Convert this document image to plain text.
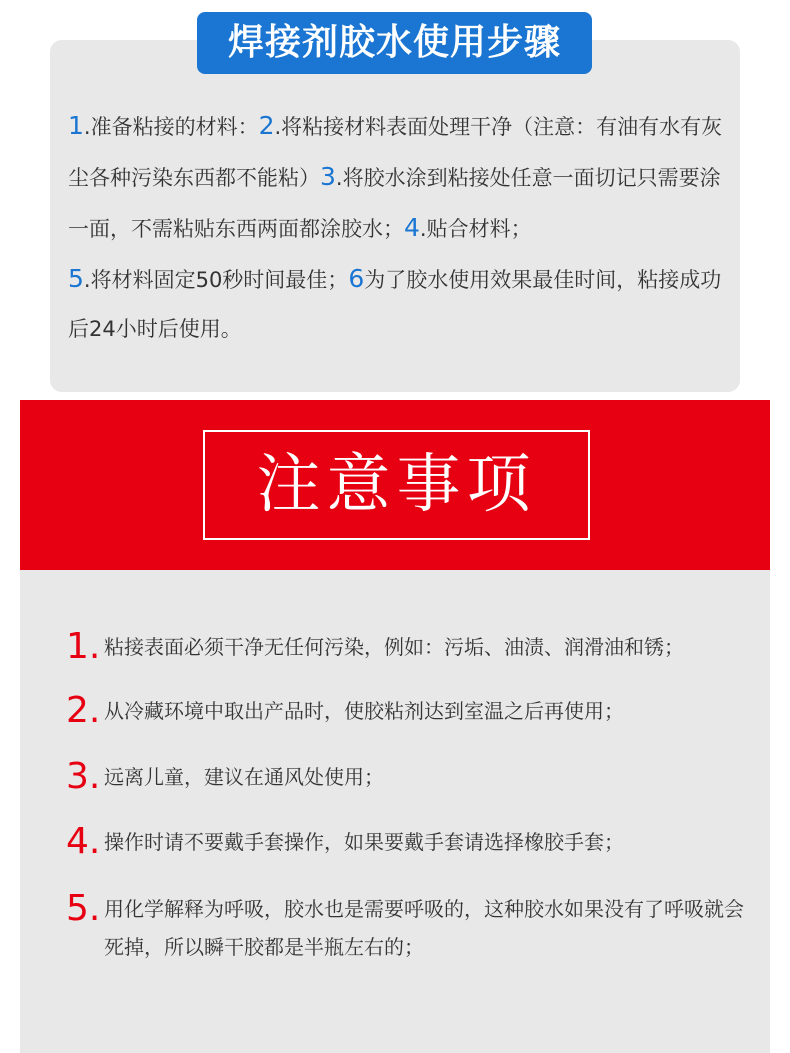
焊接剂胶水使用步骤
1.准备粘接的材料：2.将粘接材料表面处理干净（注意：有油有水有灰尘各种污染东西都不能粘）3.将胶水涂到粘接处任意一面切记只需要涂一面，不需粘贴东西两面都涂胶水；4.贴合材料；
5.将材料固定50秒时间最佳；6为了胶水使用效果最佳时间，粘接成功后24小时后使用。
注意事项
1. 粘接表面必须干净无任何污染，例如：污垢、油渍、润滑油和锈；
2. 从冷藏环境中取出产品时，使胶粘剂达到室温之后再使用；
3. 远离儿童，建议在通风处使用；
4. 操作时请不要戴手套操作，如果要戴手套请选择橡胶手套；
5. 用化学解释为呼吸，胶水也是需要呼吸的，这种胶水如果没有了呼吸就会死掉，所以瞬干胶都是半瓶左右的；
